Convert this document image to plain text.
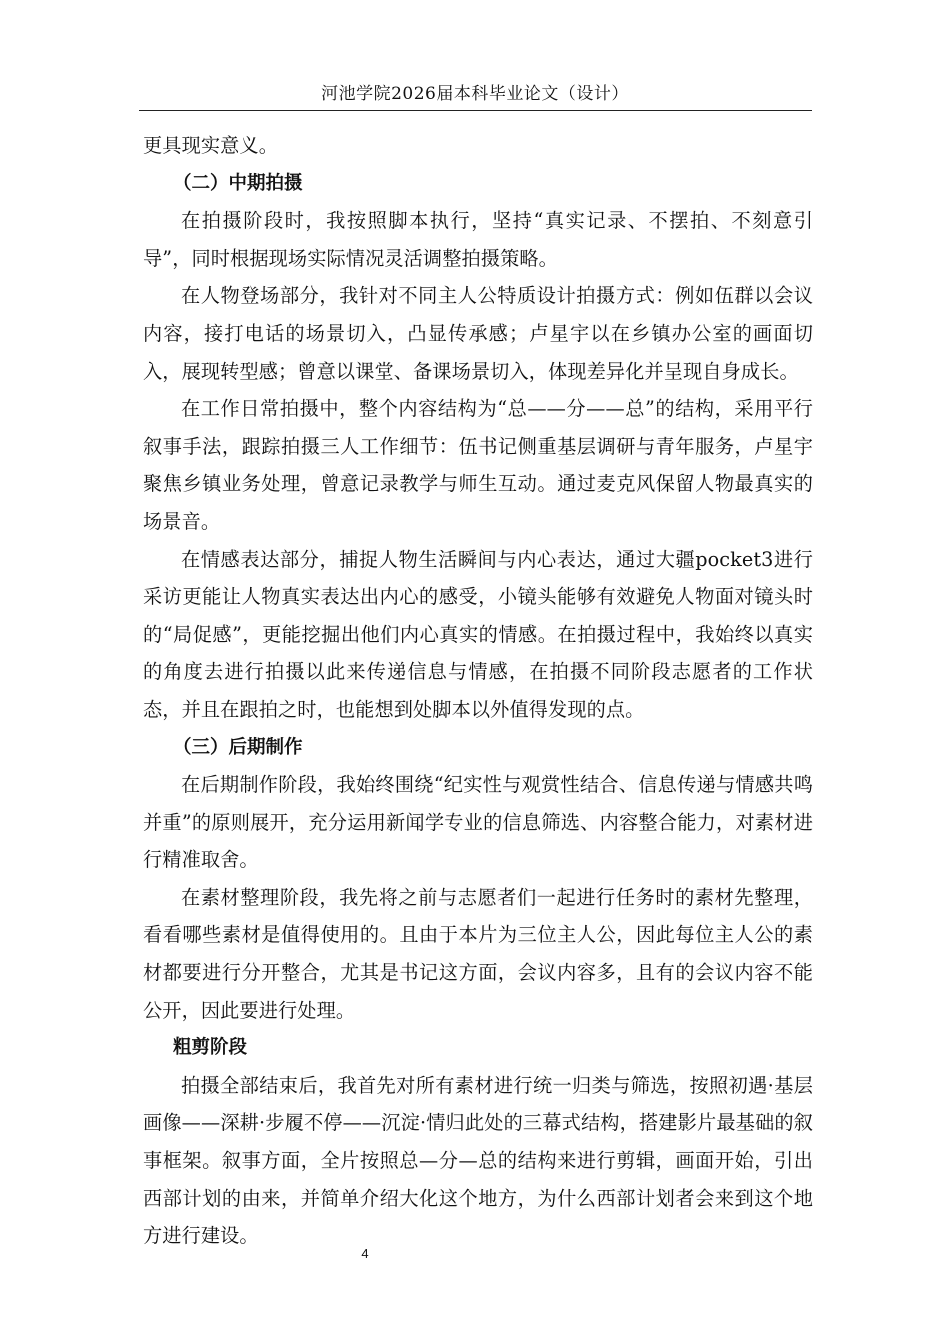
河池学院2026届本科毕业论文（设计）

更具现实意义。

（二）中期拍摄

在拍摄阶段时，我按照脚本执行，坚持“真实记录、不摆拍、不刻意引导”，同时根据现场实际情况灵活调整拍摄策略。

在人物登场部分，我针对不同主人公特质设计拍摄方式：例如伍群以会议内容，接打电话的场景切入，凸显传承感；卢星宇以在乡镇办公室的画面切入，展现转型感；曾意以课堂、备课场景切入，体现差异化并呈现自身成长。

在工作日常拍摄中，整个内容结构为“总——分——总”的结构，采用平行叙事手法，跟踪拍摄三人工作细节：伍书记侧重基层调研与青年服务，卢星宇聚焦乡镇业务处理，曾意记录教学与师生互动。通过麦克风保留人物最真实的场景音。

在情感表达部分，捕捉人物生活瞬间与内心表达，通过大疆pocket3进行采访更能让人物真实表达出内心的感受，小镜头能够有效避免人物面对镜头时的“局促感”，更能挖掘出他们内心真实的情感。在拍摄过程中，我始终以真实的角度去进行拍摄以此来传递信息与情感，在拍摄不同阶段志愿者的工作状态，并且在跟拍之时，也能想到处脚本以外值得发现的点。

（三）后期制作

在后期制作阶段，我始终围绕“纪实性与观赏性结合、信息传递与情感共鸣并重”的原则展开，充分运用新闻学专业的信息筛选、内容整合能力，对素材进行精准取舍。

在素材整理阶段，我先将之前与志愿者们一起进行任务时的素材先整理，看看哪些素材是值得使用的。且由于本片为三位主人公，因此每位主人公的素材都要进行分开整合，尤其是书记这方面，会议内容多，且有的会议内容不能公开，因此要进行处理。

粗剪阶段

拍摄全部结束后，我首先对所有素材进行统一归类与筛选，按照初遇·基层画像——深耕·步履不停——沉淀·情归此处的三幕式结构，搭建影片最基础的叙事框架。叙事方面，全片按照总—分—总的结构来进行剪辑，画面开始，引出西部计划的由来，并简单介绍大化这个地方，为什么西部计划者会来到这个地方进行建设。

4
